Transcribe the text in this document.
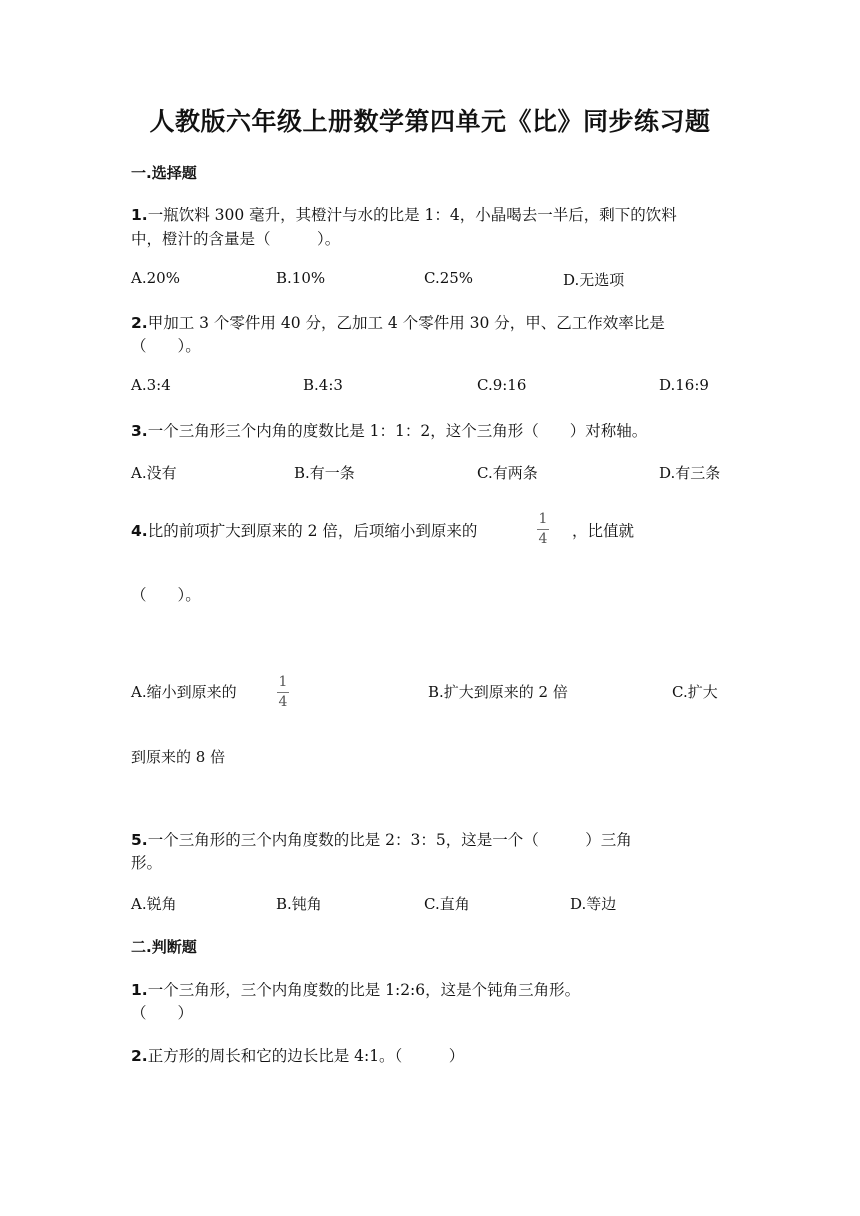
人教版六年级上册数学第四单元《比》同步练习题
一.选择题
1.一瓶饮料 300 毫升，其橙汁与水的比是 1：4，小晶喝去一半后，剩下的饮料
中，橙汁的含量是（　　　）。
A.20%	B.10%	C.25%	D.无选项
2.甲加工 3 个零件用 40 分，乙加工 4 个零件用 30 分，甲、乙工作效率比是
（　　）。
A.3:4	B.4:3	C.9:16	D.16:9
3.一个三角形三个内角的度数比是 1：1：2，这个三角形（　　）对称轴。
A.没有	B.有一条	C.有两条	D.有三条
4.比的前项扩大到原来的 2 倍，后项缩小到原来的	$\frac{1}{4}$ ，比值就
（　　）。
A.缩小到原来的	$\frac{1}{4}$	B.扩大到原来的 2 倍	C.扩大
到原来的 8 倍
5.一个三角形的三个内角度数的比是 2：3：5，这是一个（　　　）三角
形。
A.锐角	B.钝角	C.直角	D.等边
二.判断题
1.一个三角形，三个内角度数的比是 1:2:6，这是个钝角三角形。
（　　）
2.正方形的周长和它的边长比是 4:1。（　　　）
